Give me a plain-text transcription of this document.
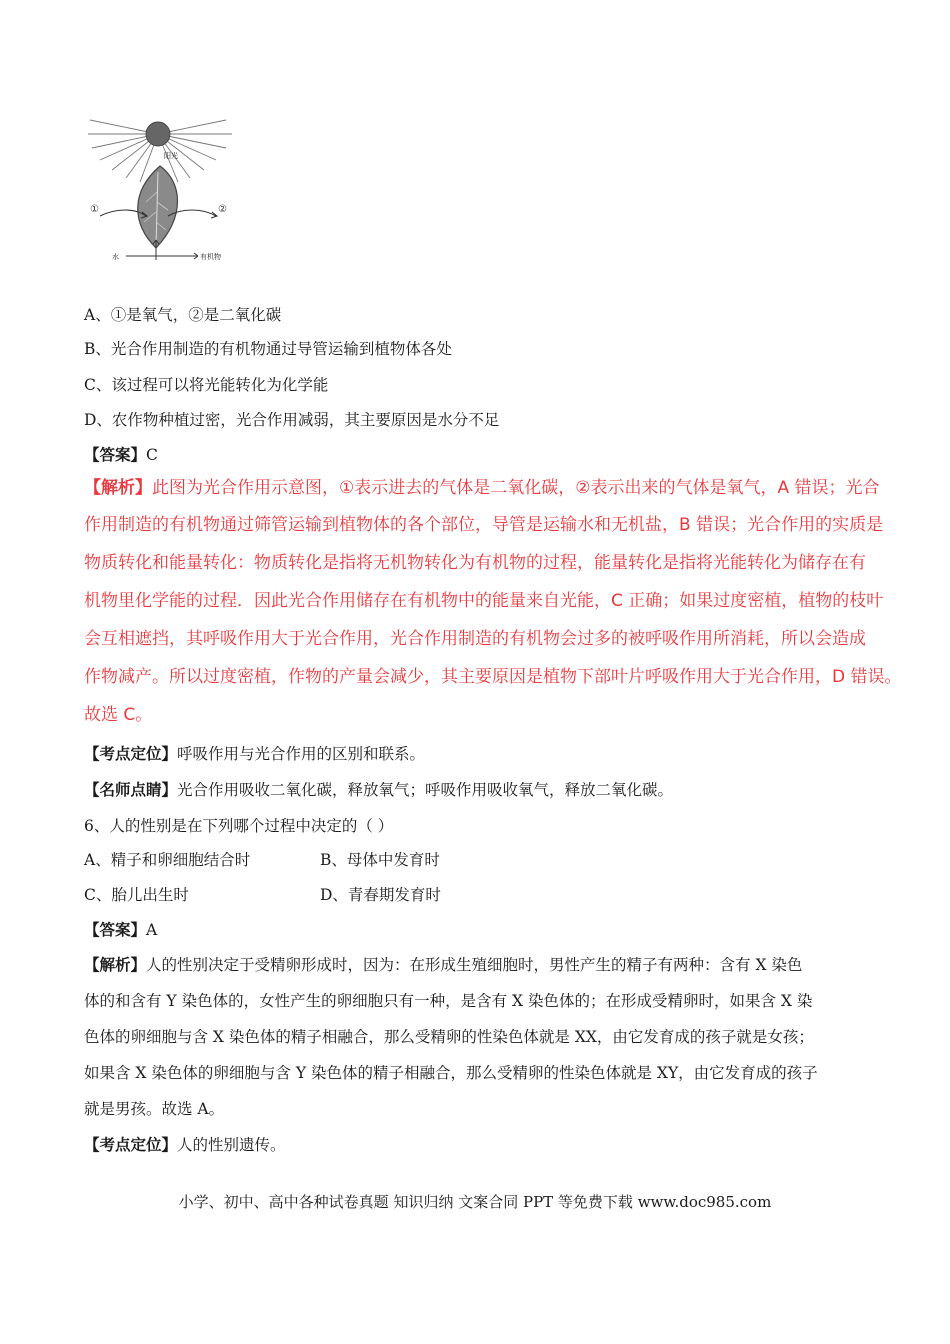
阳光
①	②
水	有机物
A、①是氧气，②是二氧化碳
B、光合作用制造的有机物通过导管运输到植物体各处
C、该过程可以将光能转化为化学能
D、农作物种植过密，光合作用减弱，其主要原因是水分不足
【答案】C
【解析】此图为光合作用示意图，①表示进去的气体是二氧化碳，②表示出来的气体是氧气，A 错误；光合
作用制造的有机物通过筛管运输到植物体的各个部位，导管是运输水和无机盐，B 错误；光合作用的实质是
物质转化和能量转化：物质转化是指将无机物转化为有机物的过程，能量转化是指将光能转化为储存在有
机物里化学能的过程．因此光合作用储存在有机物中的能量来自光能，C 正确；如果过度密植，植物的枝叶
会互相遮挡，其呼吸作用大于光合作用，光合作用制造的有机物会过多的被呼吸作用所消耗，所以会造成
作物减产。所以过度密植，作物的产量会减少，其主要原因是植物下部叶片呼吸作用大于光合作用，D 错误。
故选 C。
【考点定位】呼吸作用与光合作用的区别和联系。
【名师点睛】光合作用吸收二氧化碳，释放氧气；呼吸作用吸收氧气，释放二氧化碳。
6、人的性别是在下列哪个过程中决定的（ ）
A、精子和卵细胞结合时	B、母体中发育时
C、胎儿出生时	D、青春期发育时
【答案】A
【解析】人的性别决定于受精卵形成时，因为：在形成生殖细胞时，男性产生的精子有两种：含有 X 染色
体的和含有 Y 染色体的，女性产生的卵细胞只有一种，是含有 X 染色体的；在形成受精卵时，如果含 X 染
色体的卵细胞与含 X 染色体的精子相融合，那么受精卵的性染色体就是 XX，由它发育成的孩子就是女孩；
如果含 X 染色体的卵细胞与含 Y 染色体的精子相融合，那么受精卵的性染色体就是 XY，由它发育成的孩子
就是男孩。故选 A。
【考点定位】人的性别遗传。
小学、初中、高中各种试卷真题 知识归纳 文案合同 PPT 等免费下载 www.doc985.com
